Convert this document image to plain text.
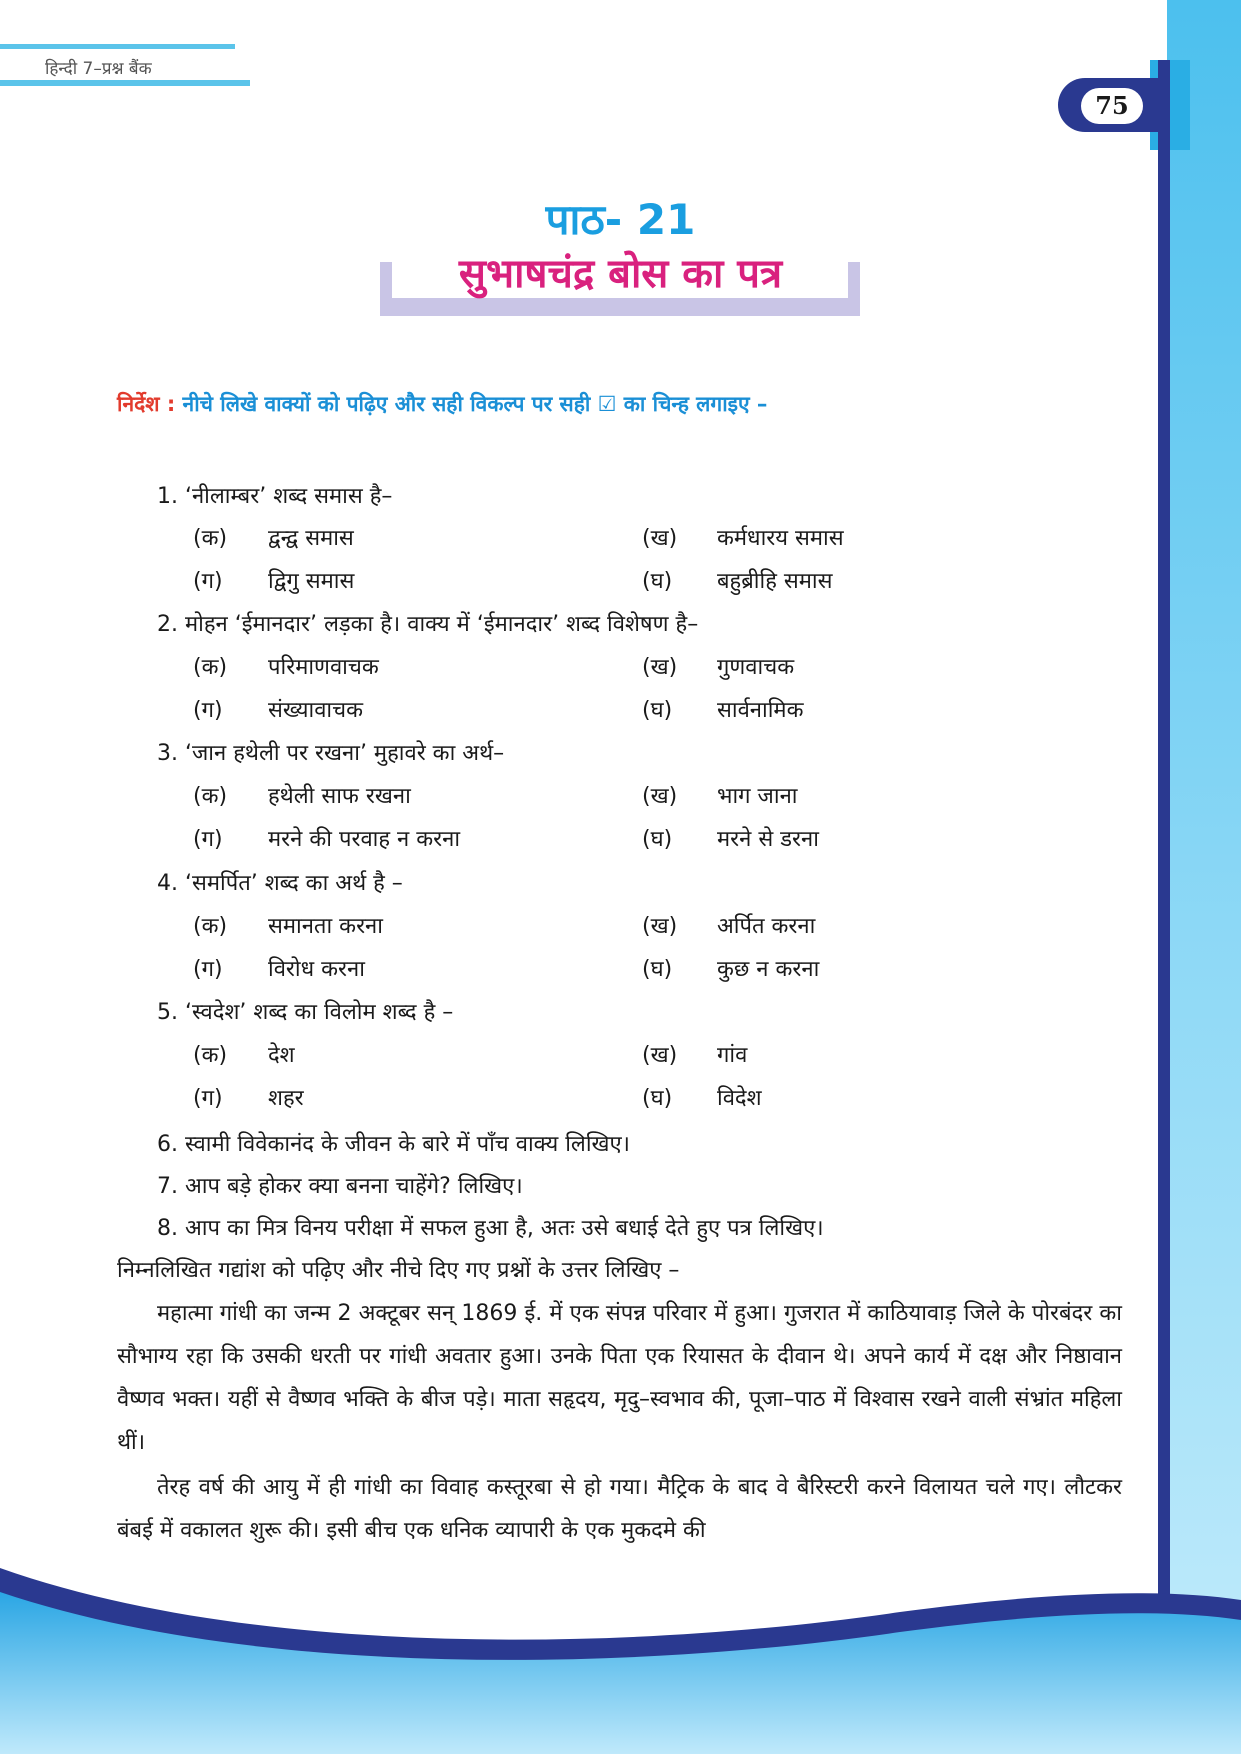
हिन्दी 7–प्रश्न बैंक
75
पाठ- 21
सुभाषचंद्र बोस का पत्र
निर्देश : नीचे लिखे वाक्यों को पढ़िए और सही विकल्प पर सही ☑ का चिन्ह लगाइए –
1. ‘नीलाम्बर’ शब्द समास है–
(क) द्वन्द्व समास	(ख) कर्मधारय समास
(ग) द्विगु समास	(घ) बहुब्रीहि समास
2. मोहन ‘ईमानदार’ लड़का है। वाक्य में ‘ईमानदार’ शब्द विशेषण है–
(क) परिमाणवाचक	(ख) गुणवाचक
(ग) संख्यावाचक	(घ) सार्वनामिक
3. ‘जान हथेली पर रखना’ मुहावरे का अर्थ–
(क) हथेली साफ रखना	(ख) भाग जाना
(ग) मरने की परवाह न करना	(घ) मरने से डरना
4. ‘समर्पित’ शब्द का अर्थ है –
(क) समानता करना	(ख) अर्पित करना
(ग) विरोध करना	(घ) कुछ न करना
5. ‘स्वदेश’ शब्द का विलोम शब्द है –
(क) देश	(ख) गांव
(ग) शहर	(घ) विदेश
6. स्वामी विवेकानंद के जीवन के बारे में पाँच वाक्य लिखिए।
7. आप बड़े होकर क्या बनना चाहेंगे? लिखिए।
8. आप का मित्र विनय परीक्षा में सफल हुआ है, अतः उसे बधाई देते हुए पत्र लिखिए।
निम्नलिखित गद्यांश को पढ़िए और नीचे दिए गए प्रश्नों के उत्तर लिखिए –
महात्मा गांधी का जन्म 2 अक्टूबर सन् 1869 ई. में एक संपन्न परिवार में हुआ। गुजरात में काठियावाड़ जिले के पोरबंदर का सौभाग्य रहा कि उसकी धरती पर गांधी अवतार हुआ। उनके पिता एक रियासत के दीवान थे। अपने कार्य में दक्ष और निष्ठावान वैष्णव भक्त। यहीं से वैष्णव भक्ति के बीज पड़े। माता सहृदय, मृदु–स्वभाव की, पूजा–पाठ में विश्वास रखने वाली संभ्रांत महिला थीं।
तेरह वर्ष की आयु में ही गांधी का विवाह कस्तूरबा से हो गया। मैट्रिक के बाद वे बैरिस्टरी करने विलायत चले गए। लौटकर बंबई में वकालत शुरू की। इसी बीच एक धनिक व्यापारी के एक मुकदमे की
